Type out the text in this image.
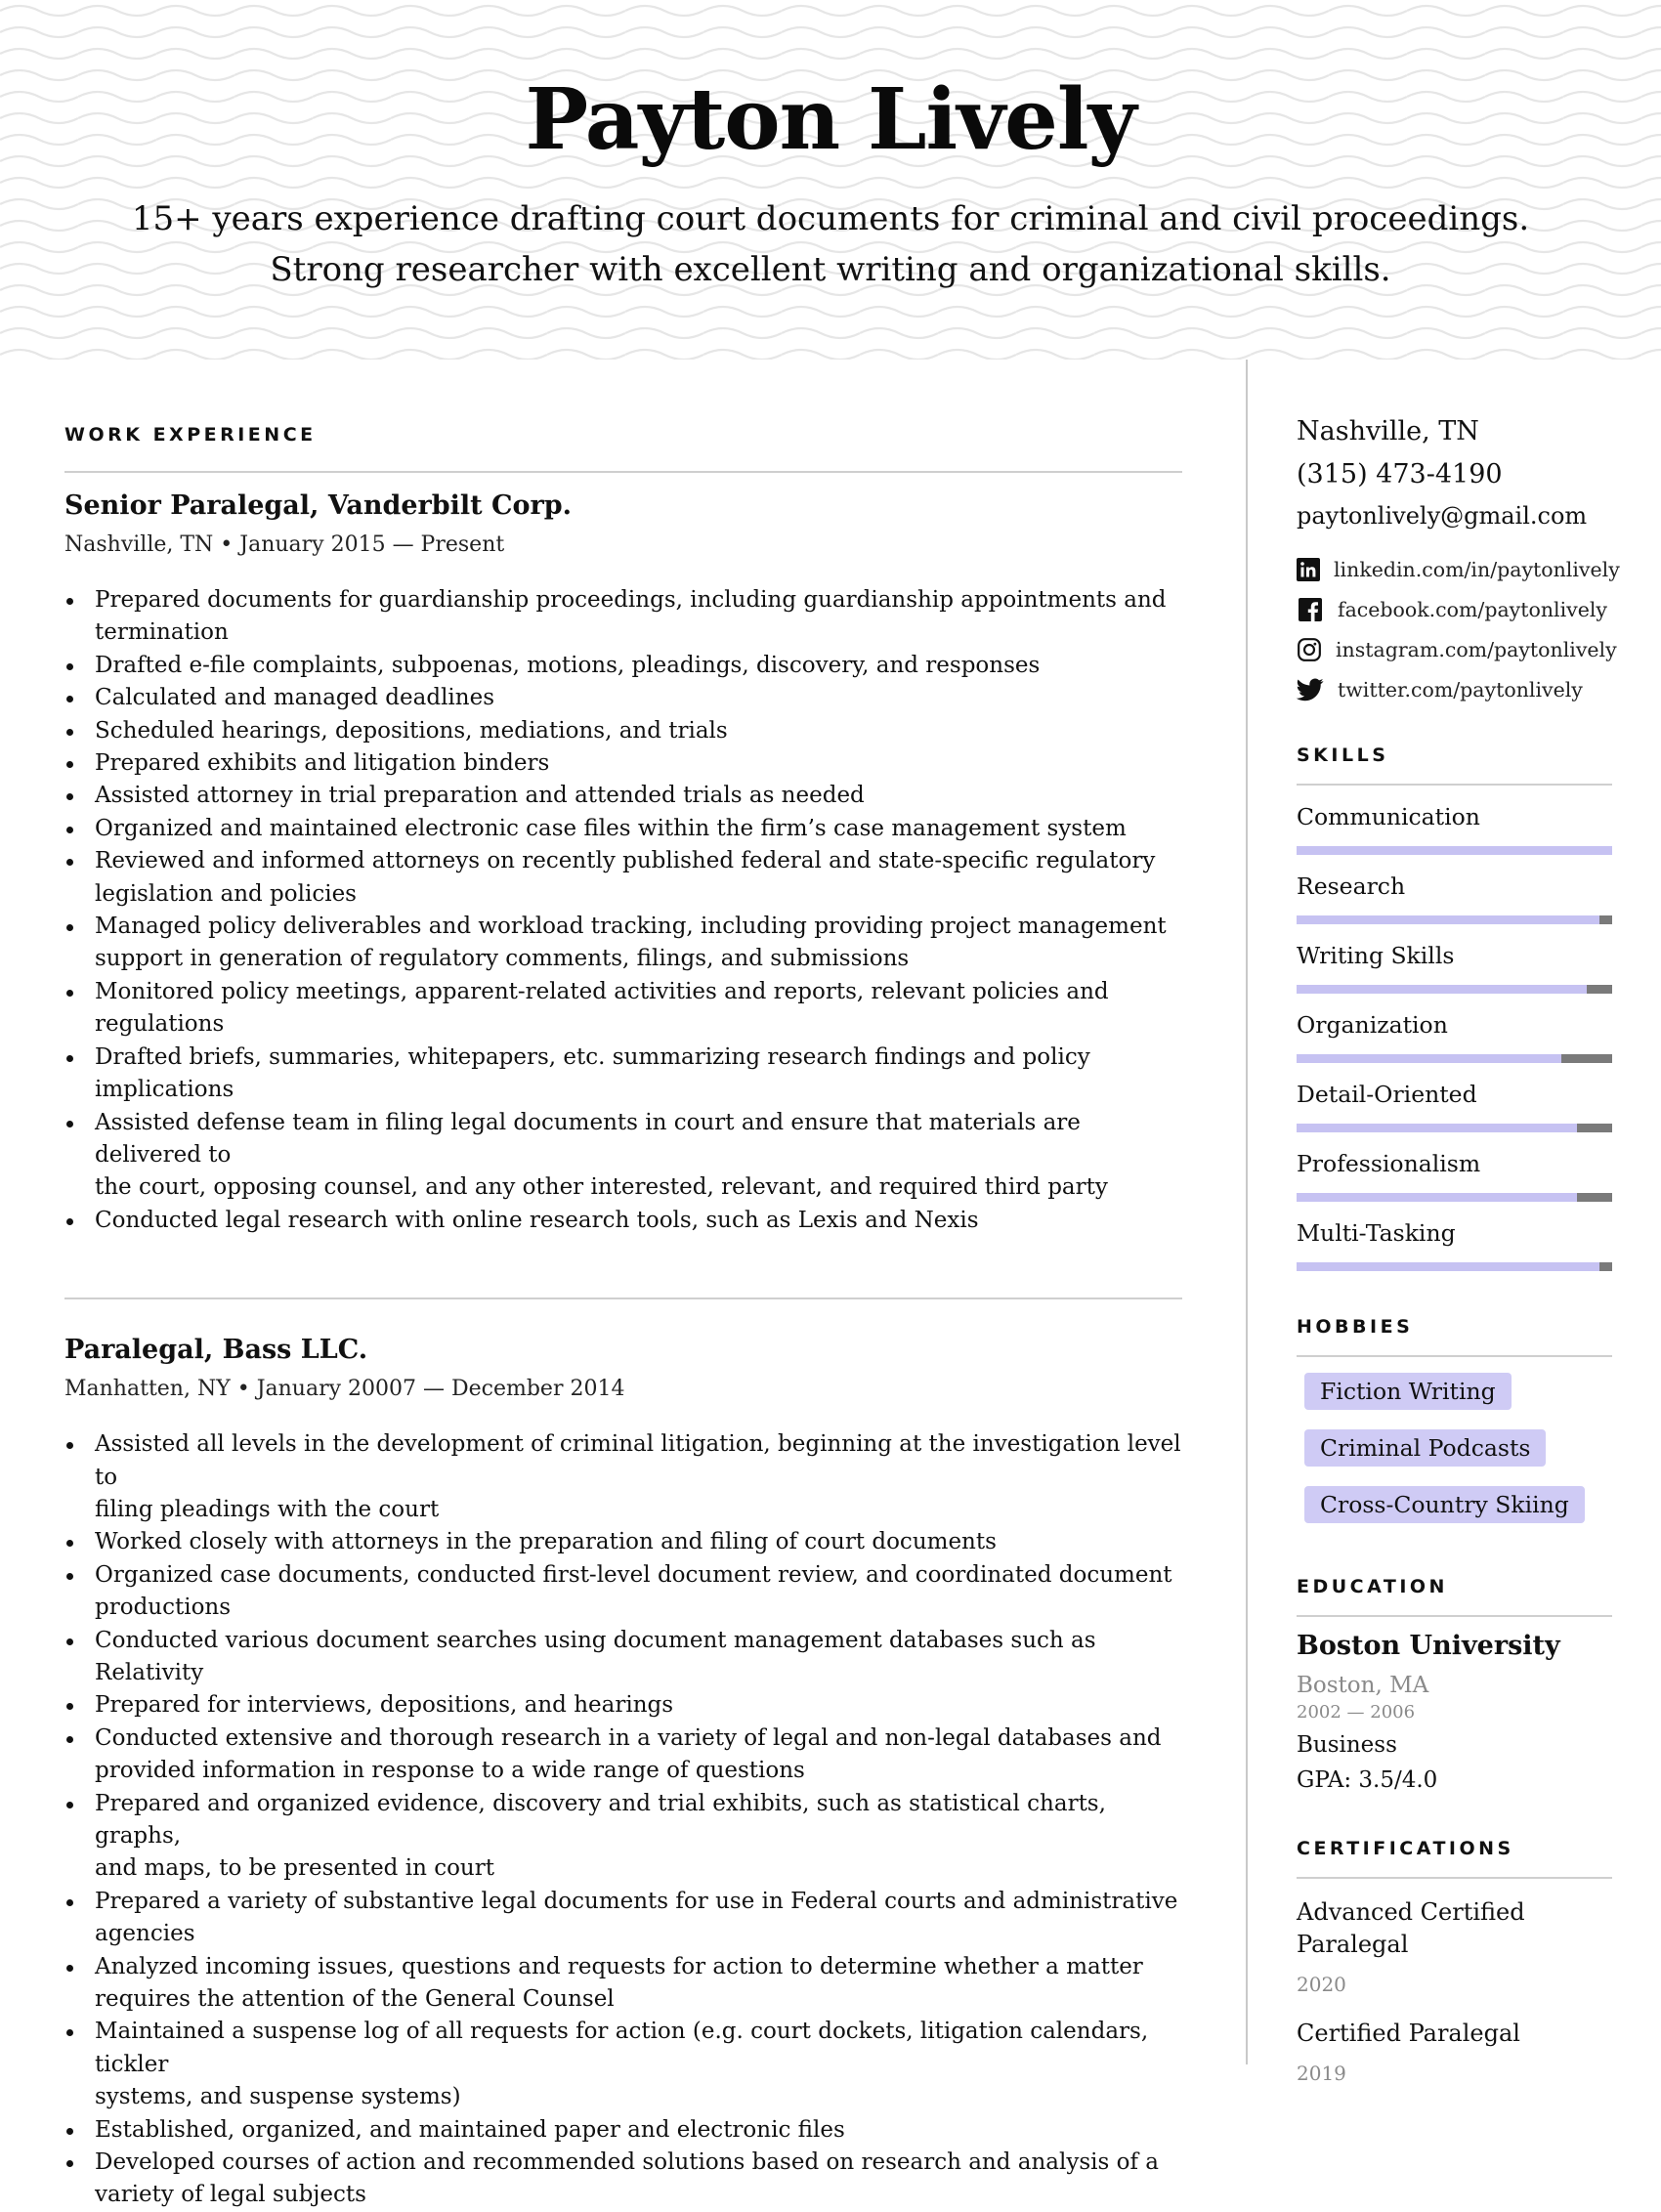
Payton Lively
15+ years experience drafting court documents for criminal and civil proceedings.
Strong researcher with excellent writing and organizational skills.
WORK EXPERIENCE
Senior Paralegal, Vanderbilt Corp.
Nashville, TN • January 2015 — Present
Prepared documents for guardianship proceedings, including guardianship appointments and
termination
Drafted e-file complaints, subpoenas, motions, pleadings, discovery, and responses
Calculated and managed deadlines
Scheduled hearings, depositions, mediations, and trials
Prepared exhibits and litigation binders
Assisted attorney in trial preparation and attended trials as needed
Organized and maintained electronic case files within the firm’s case management system
Reviewed and informed attorneys on recently published federal and state-specific regulatory
legislation and policies
Managed policy deliverables and workload tracking, including providing project management
support in generation of regulatory comments, filings, and submissions
Monitored policy meetings, apparent-related activities and reports, relevant policies and
regulations
Drafted briefs, summaries, whitepapers, etc. summarizing research findings and policy
implications
Assisted defense team in filing legal documents in court and ensure that materials are delivered to
the court, opposing counsel, and any other interested, relevant, and required third party
Conducted legal research with online research tools, such as Lexis and Nexis
Paralegal, Bass LLC.
Manhatten, NY • January 20007 — December 2014
Assisted all levels in the development of criminal litigation, beginning at the investigation level to
filing pleadings with the court
Worked closely with attorneys in the preparation and filing of court documents
Organized case documents, conducted first-level document review, and coordinated document
productions
Conducted various document searches using document management databases such as Relativity
Prepared for interviews, depositions, and hearings
Conducted extensive and thorough research in a variety of legal and non-legal databases and
provided information in response to a wide range of questions
Prepared and organized evidence, discovery and trial exhibits, such as statistical charts, graphs,
and maps, to be presented in court
Prepared a variety of substantive legal documents for use in Federal courts and administrative
agencies
Analyzed incoming issues, questions and requests for action to determine whether a matter
requires the attention of the General Counsel
Maintained a suspense log of all requests for action (e.g. court dockets, litigation calendars, tickler
systems, and suspense systems)
Established, organized, and maintained paper and electronic files
Developed courses of action and recommended solutions based on research and analysis of a
variety of legal subjects
Nashville, TN
(315) 473-4190
paytonlively@gmail.com
linkedin.com/in/paytonlively
facebook.com/paytonlively
instagram.com/paytonlively
twitter.com/paytonlively
SKILLS
Communication
Research
Writing Skills
Organization
Detail-Oriented
Professionalism
Multi-Tasking
HOBBIES
Fiction Writing
Criminal Podcasts
Cross-Country Skiing
EDUCATION
Boston University
Boston, MA
2002 — 2006
Business
GPA: 3.5/4.0
CERTIFICATIONS
Advanced Certified
Paralegal
2020
Certified Paralegal
2019
